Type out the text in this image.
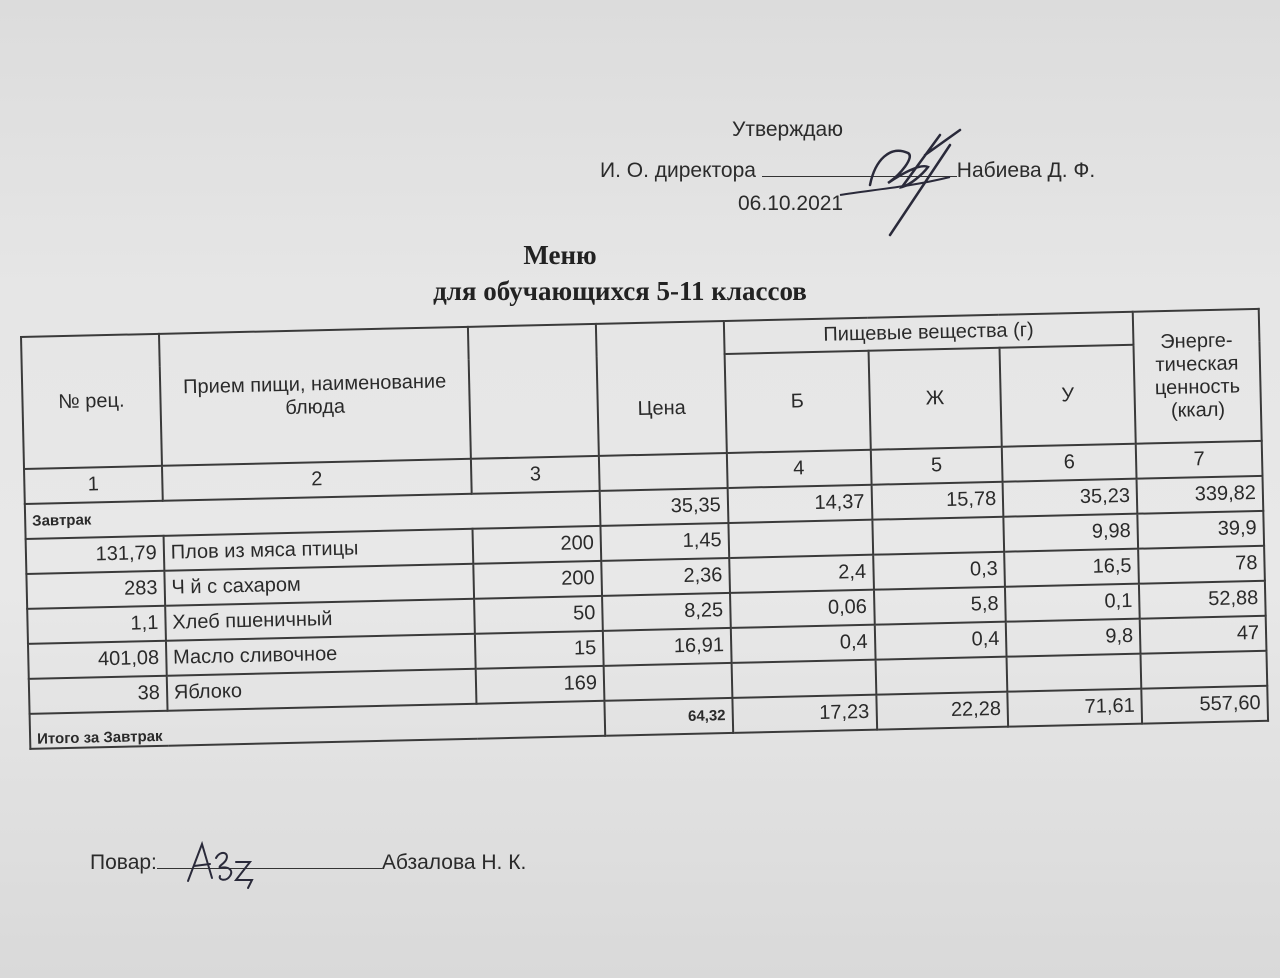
Утверждаю
И. О. директора	Набиева Д. Ф.
06.10.2021
Меню
для обучающихся 5-11 классов
№ рец.	Прием пищи, наименование блюда		Цена	Пищевые вещества (г)			Энерге- тическая ценность (ккал)
				Б	Ж	У	
1	2	3		4	5	6	7
Завтрак			35,35	14,37	15,78	35,23	339,82
131,79	Плов из мяса птицы	200	1,45			9,98	39,9
283	Ч й с сахаром	200	2,36	2,4	0,3	16,5	78
1,1	Хлеб пшеничный	50	8,25	0,06	5,8	0,1	52,88
401,08	Масло сливочное	15	16,91	0,4	0,4	9,8	47
38	Яблоко	169					
Итого за Завтрак			64,32	17,23	22,28	71,61	557,60
Повар:	Абзалова Н. К.
